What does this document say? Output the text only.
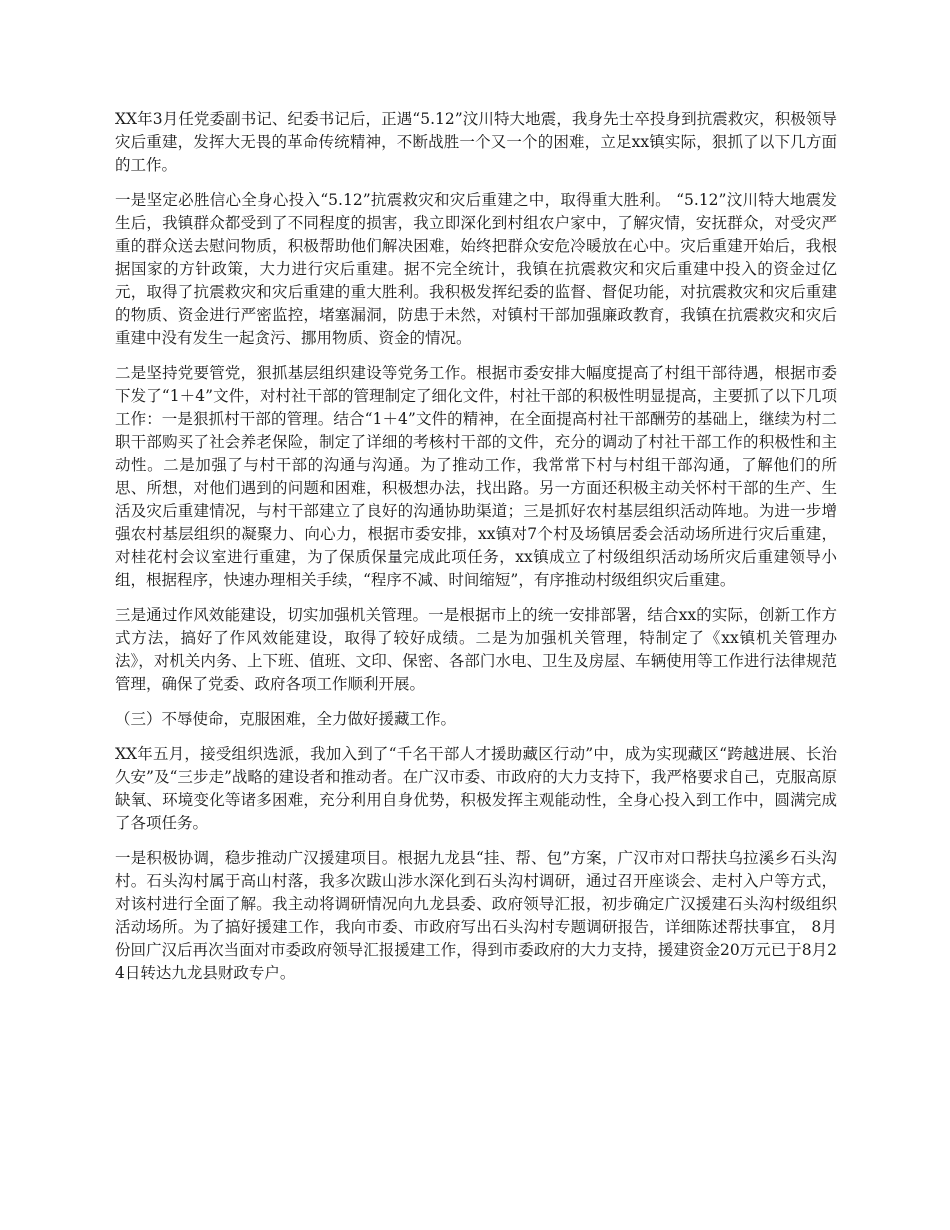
XX年3月任党委副书记、纪委书记后，正遇“5.12”汶川特大地震，我身先士卒投身到抗震救灾，积极领导灾后重建，发挥大无畏的革命传统精神，不断战胜一个又一个的困难，立足xx镇实际，狠抓了以下几方面的工作。

一是坚定必胜信心全身心投入“5.12”抗震救灾和灾后重建之中，取得重大胜利。 “5.12”汶川特大地震发生后，我镇群众都受到了不同程度的损害，我立即深化到村组农户家中，了解灾情，安抚群众，对受灾严重的群众送去慰问物质，积极帮助他们解决困难，始终把群众安危冷暖放在心中。灾后重建开始后，我根据国家的方针政策，大力进行灾后重建。据不完全统计，我镇在抗震救灾和灾后重建中投入的资金过亿元，取得了抗震救灾和灾后重建的重大胜利。我积极发挥纪委的监督、督促功能，对抗震救灾和灾后重建的物质、资金进行严密监控，堵塞漏洞，防患于未然，对镇村干部加强廉政教育，我镇在抗震救灾和灾后重建中没有发生一起贪污、挪用物质、资金的情况。

二是坚持党要管党，狠抓基层组织建设等党务工作。根据市委安排大幅度提高了村组干部待遇，根据市委下发了“1＋4”文件，对村社干部的管理制定了细化文件，村社干部的积极性明显提高，主要抓了以下几项工作：一是狠抓村干部的管理。结合“1＋4”文件的精神，在全面提高村社干部酬劳的基础上，继续为村二职干部购买了社会养老保险，制定了详细的考核村干部的文件，充分的调动了村社干部工作的积极性和主动性。二是加强了与村干部的沟通与沟通。为了推动工作，我常常下村与村组干部沟通，了解他们的所思、所想，对他们遇到的问题和困难，积极想办法，找出路。另一方面还积极主动关怀村干部的生产、生活及灾后重建情况，与村干部建立了良好的沟通协助渠道；三是抓好农村基层组织活动阵地。为进一步增强农村基层组织的凝聚力、向心力，根据市委安排，xx镇对7个村及场镇居委会活动场所进行灾后重建，对桂花村会议室进行重建，为了保质保量完成此项任务，xx镇成立了村级组织活动场所灾后重建领导小组，根据程序，快速办理相关手续，“程序不减、时间缩短”，有序推动村级组织灾后重建。

三是通过作风效能建设，切实加强机关管理。一是根据市上的统一安排部署，结合xx的实际，创新工作方式方法，搞好了作风效能建设，取得了较好成绩。二是为加强机关管理，特制定了《xx镇机关管理办法》，对机关内务、上下班、值班、文印、保密、各部门水电、卫生及房屋、车辆使用等工作进行法律规范管理，确保了党委、政府各项工作顺利开展。

（三）不辱使命，克服困难，全力做好援藏工作。

XX年五月，接受组织选派，我加入到了“千名干部人才援助藏区行动”中，成为实现藏区“跨越进展、长治久安”及“三步走”战略的建设者和推动者。在广汉市委、市政府的大力支持下，我严格要求自己，克服高原缺氧、环境变化等诸多困难，充分利用自身优势，积极发挥主观能动性，全身心投入到工作中，圆满完成了各项任务。

一是积极协调，稳步推动广汉援建项目。根据九龙县“挂、帮、包”方案，广汉市对口帮扶乌拉溪乡石头沟村。石头沟村属于高山村落，我多次跋山涉水深化到石头沟村调研，通过召开座谈会、走村入户等方式，对该村进行全面了解。我主动将调研情况向九龙县委、政府领导汇报，初步确定广汉援建石头沟村级组织活动场所。为了搞好援建工作，我向市委、市政府写出石头沟村专题调研报告，详细陈述帮扶事宜， 8月份回广汉后再次当面对市委政府领导汇报援建工作，得到市委政府的大力支持，援建资金20万元已于8月24日转达九龙县财政专户。
